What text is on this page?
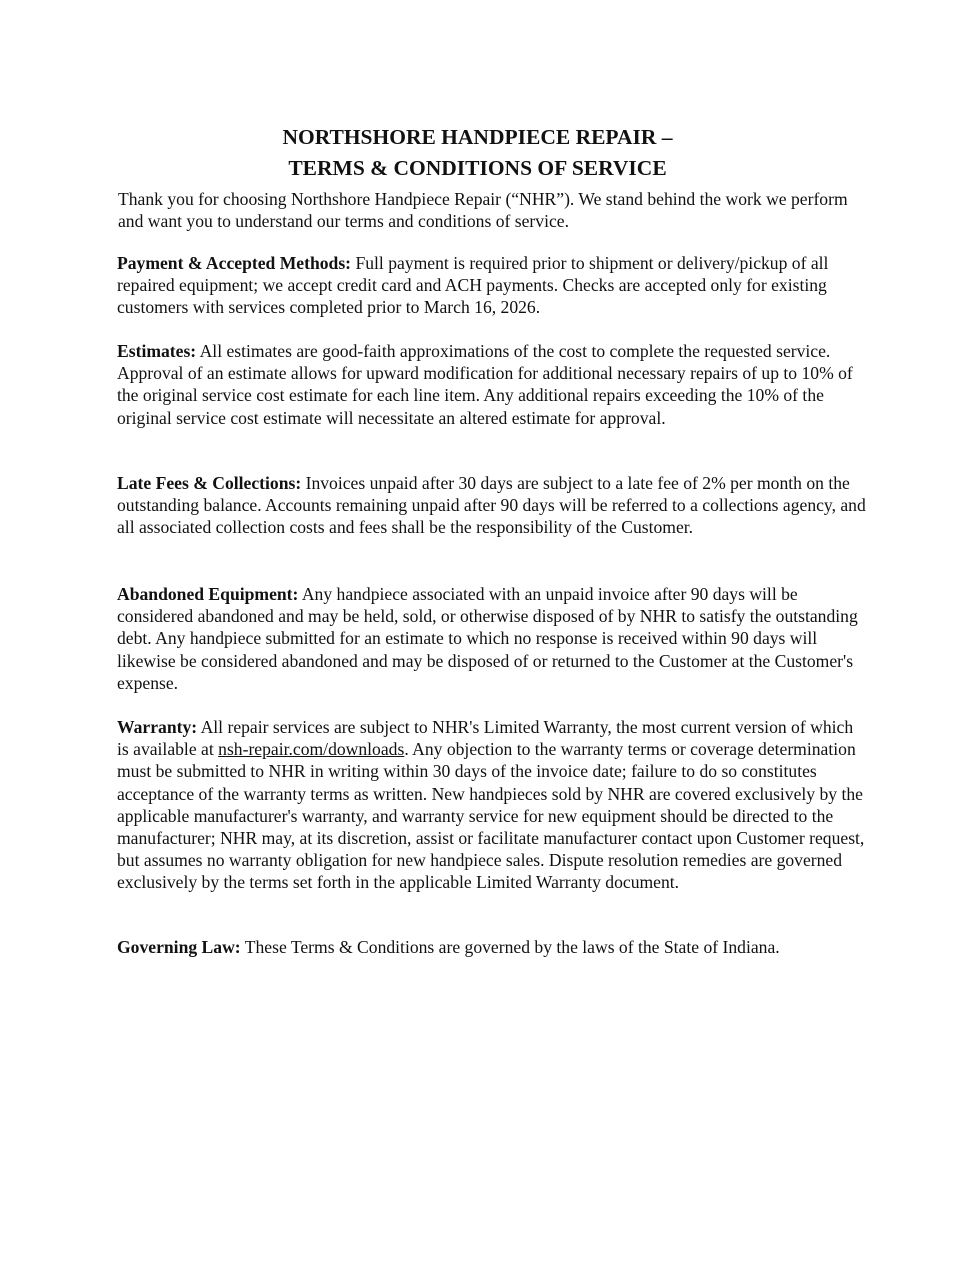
NORTHSHORE HANDPIECE REPAIR –
TERMS & CONDITIONS OF SERVICE

Thank you for choosing Northshore Handpiece Repair (“NHR”). We stand behind the work we perform and want you to understand our terms and conditions of service.

Payment & Accepted Methods: Full payment is required prior to shipment or delivery/pickup of all repaired equipment; we accept credit card and ACH payments. Checks are accepted only for existing customers with services completed prior to March 16, 2026.

Estimates: All estimates are good-faith approximations of the cost to complete the requested service. Approval of an estimate allows for upward modification for additional necessary repairs of up to 10% of the original service cost estimate for each line item. Any additional repairs exceeding the 10% of the original service cost estimate will necessitate an altered estimate for approval.

Late Fees & Collections: Invoices unpaid after 30 days are subject to a late fee of 2% per month on the outstanding balance. Accounts remaining unpaid after 90 days will be referred to a collections agency, and all associated collection costs and fees shall be the responsibility of the Customer.

Abandoned Equipment: Any handpiece associated with an unpaid invoice after 90 days will be considered abandoned and may be held, sold, or otherwise disposed of by NHR to satisfy the outstanding debt. Any handpiece submitted for an estimate to which no response is received within 90 days will likewise be considered abandoned and may be disposed of or returned to the Customer at the Customer's expense.

Warranty: All repair services are subject to NHR's Limited Warranty, the most current version of which is available at nsh-repair.com/downloads. Any objection to the warranty terms or coverage determination must be submitted to NHR in writing within 30 days of the invoice date; failure to do so constitutes acceptance of the warranty terms as written. New handpieces sold by NHR are covered exclusively by the applicable manufacturer's warranty, and warranty service for new equipment should be directed to the manufacturer; NHR may, at its discretion, assist or facilitate manufacturer contact upon Customer request, but assumes no warranty obligation for new handpiece sales. Dispute resolution remedies are governed exclusively by the terms set forth in the applicable Limited Warranty document.

Governing Law: These Terms & Conditions are governed by the laws of the State of Indiana.
